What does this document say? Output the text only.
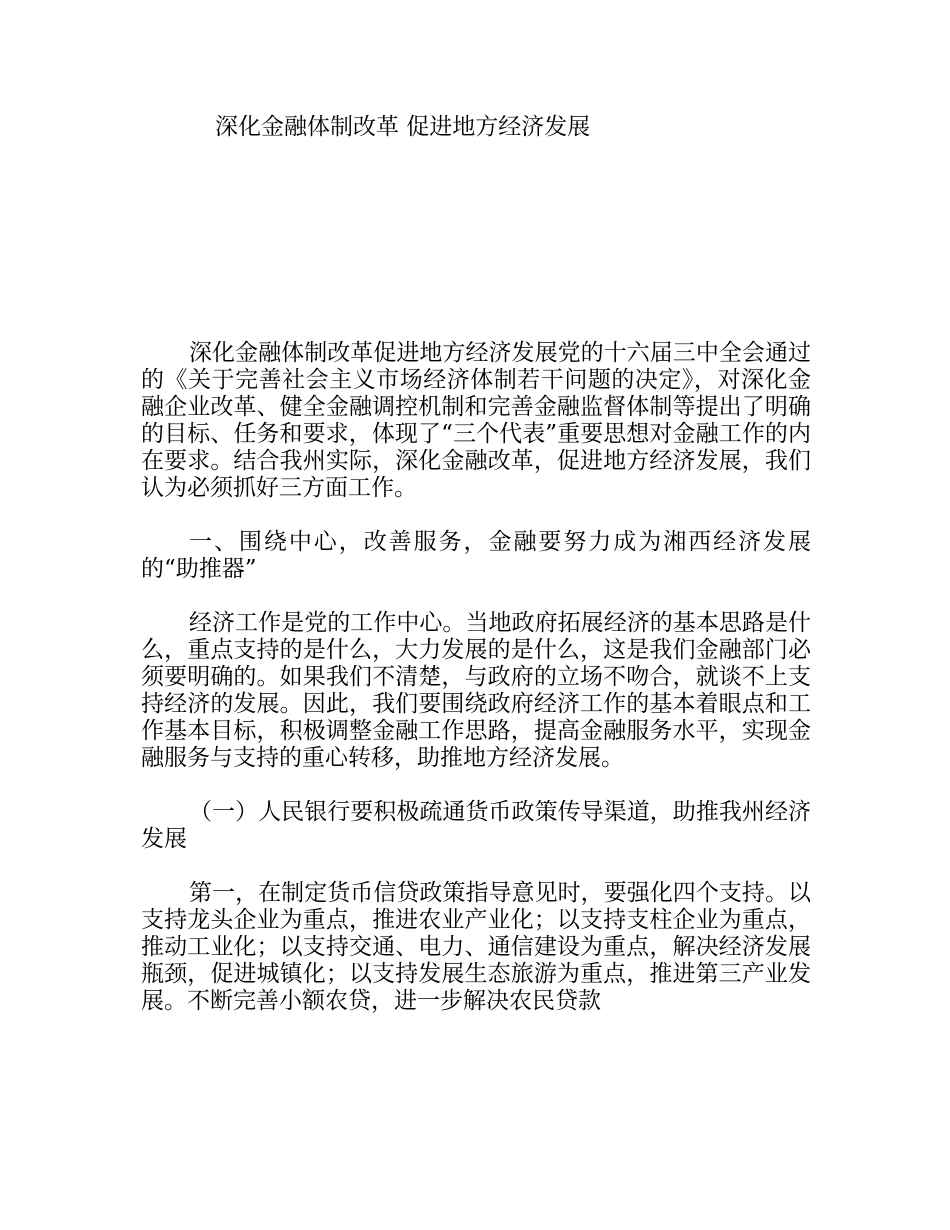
深化金融体制改革 促进地方经济发展

深化金融体制改革促进地方经济发展党的十六届三中全会通过的《关于完善社会主义市场经济体制若干问题的决定》，对深化金融企业改革、健全金融调控机制和完善金融监督体制等提出了明确的目标、任务和要求，体现了“三个代表”重要思想对金融工作的内在要求。结合我州实际，深化金融改革，促进地方经济发展，我们认为必须抓好三方面工作。

一、围绕中心，改善服务，金融要努力成为湘西经济发展的“助推器”

经济工作是党的工作中心。当地政府拓展经济的基本思路是什么，重点支持的是什么，大力发展的是什么，这是我们金融部门必须要明确的。如果我们不清楚，与政府的立场不吻合，就谈不上支持经济的发展。因此，我们要围绕政府经济工作的基本着眼点和工作基本目标，积极调整金融工作思路，提高金融服务水平，实现金融服务与支持的重心转移，助推地方经济发展。

（一）人民银行要积极疏通货币政策传导渠道，助推我州经济发展

第一，在制定货币信贷政策指导意见时，要强化四个支持。以支持龙头企业为重点，推进农业产业化；以支持支柱企业为重点，推动工业化；以支持交通、电力、通信建设为重点，解决经济发展瓶颈，促进城镇化；以支持发展生态旅游为重点，推进第三产业发展。不断完善小额农贷，进一步解决农民贷款
